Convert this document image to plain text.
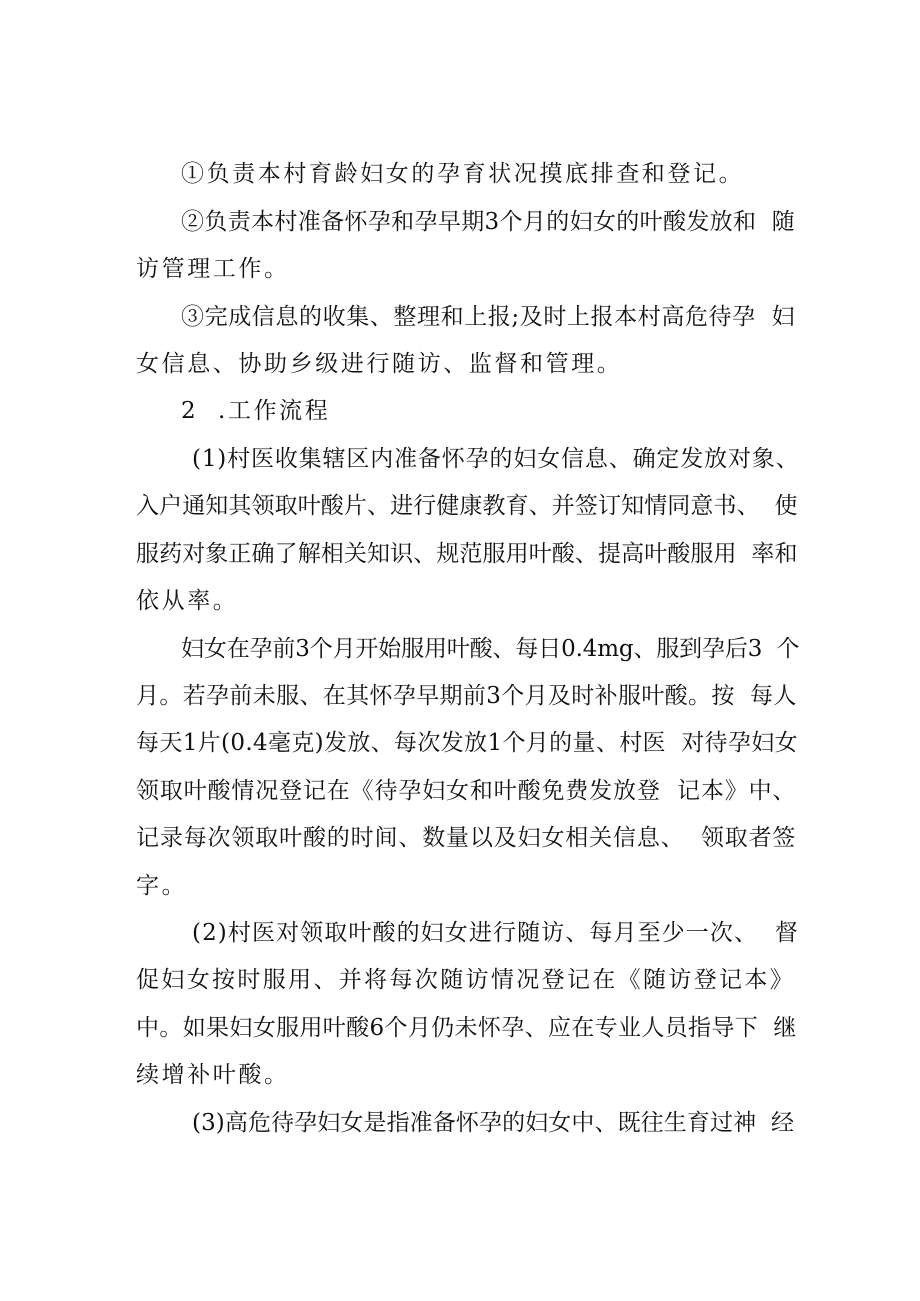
①负责本村育龄妇女的孕育状况摸底排查和登记。

②负责本村准备怀孕和孕早期3个月的妇女的叶酸发放和  随

访管理工作。

③完成信息的收集、整理和上报;及时上报本村高危待孕  妇

女信息、协助乡级进行随访、监督和管理。

2  .工作流程

(1)村医收集辖区内准备怀孕的妇女信息、确定发放对象、

入户通知其领取叶酸片、进行健康教育、并签订知情同意书、  使

服药对象正确了解相关知识、规范服用叶酸、提高叶酸服用  率和

依从率。

妇女在孕前3个月开始服用叶酸、每日0.4mg、服到孕后3  个

月。若孕前未服、在其怀孕早期前3个月及时补服叶酸。按  每人

每天1片(0.4毫克)发放、每次发放1个月的量、村医  对待孕妇女

领取叶酸情况登记在《待孕妇女和叶酸免费发放登  记本》中、

记录每次领取叶酸的时间、数量以及妇女相关信息、  领取者签

字。

(2)村医对领取叶酸的妇女进行随访、每月至少一次、  督

促妇女按时服用、并将每次随访情况登记在《随访登记本》

中。如果妇女服用叶酸6个月仍未怀孕、应在专业人员指导下  继

续增补叶酸。

(3)高危待孕妇女是指准备怀孕的妇女中、既往生育过神  经
